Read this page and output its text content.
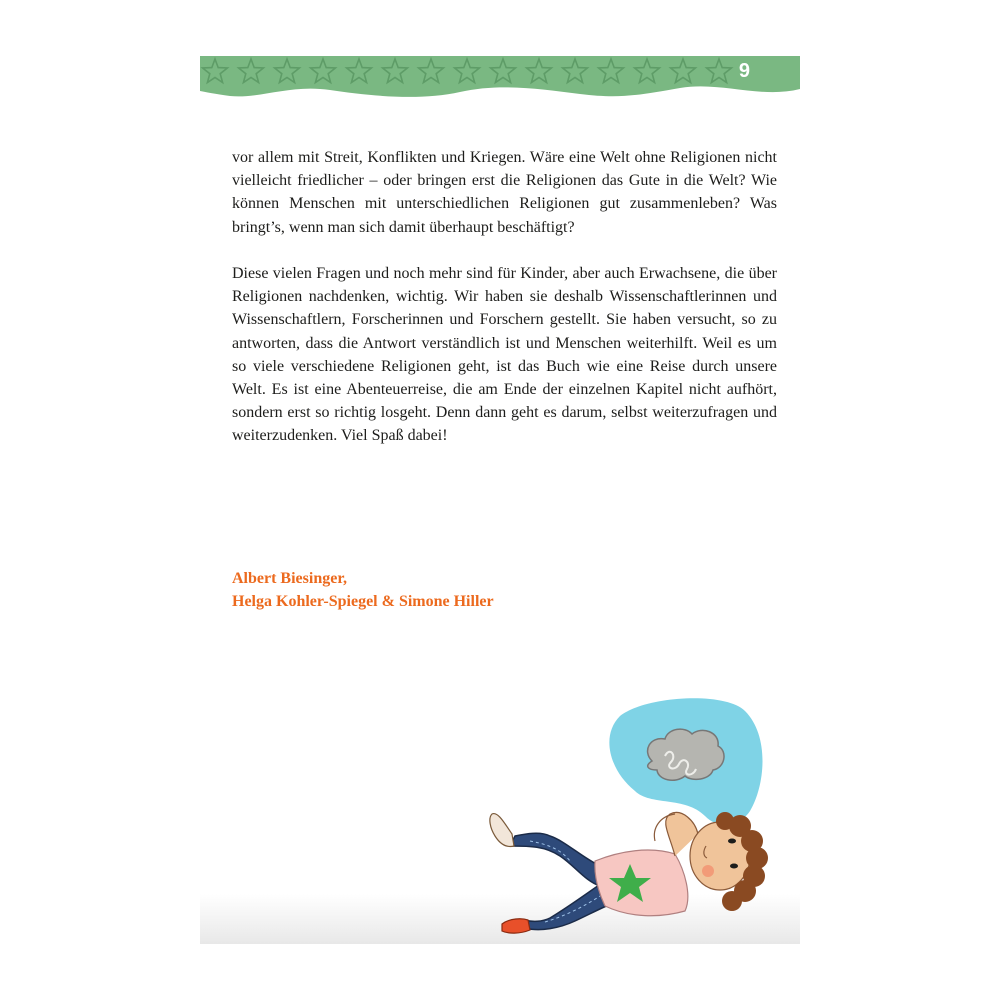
9

vor allem mit Streit, Konflikten und Kriegen. Wäre eine Welt ohne Religionen nicht vielleicht friedlicher – oder bringen erst die Religionen das Gute in die Welt? Wie können Menschen mit unterschiedlichen Religionen gut zusammenleben? Was bringt’s, wenn man sich damit überhaupt beschäftigt?

Diese vielen Fragen und noch mehr sind für Kinder, aber auch Erwachsene, die über Religionen nachdenken, wichtig. Wir haben sie deshalb Wissenschaftlerinnen und Wissenschaftlern, Forscherinnen und Forschern gestellt. Sie haben versucht, so zu antworten, dass die Antwort verständlich ist und Menschen weiterhilft. Weil es um so viele verschiedene Religionen geht, ist das Buch wie eine Reise durch unsere Welt. Es ist eine Abenteuerreise, die am Ende der einzelnen Kapitel nicht aufhört, sondern erst so richtig losgeht. Denn dann geht es darum, selbst weiterzufragen und weiterzudenken. Viel Spaß dabei!

Albert Biesinger,
Helga Kohler-Spiegel & Simone Hiller
